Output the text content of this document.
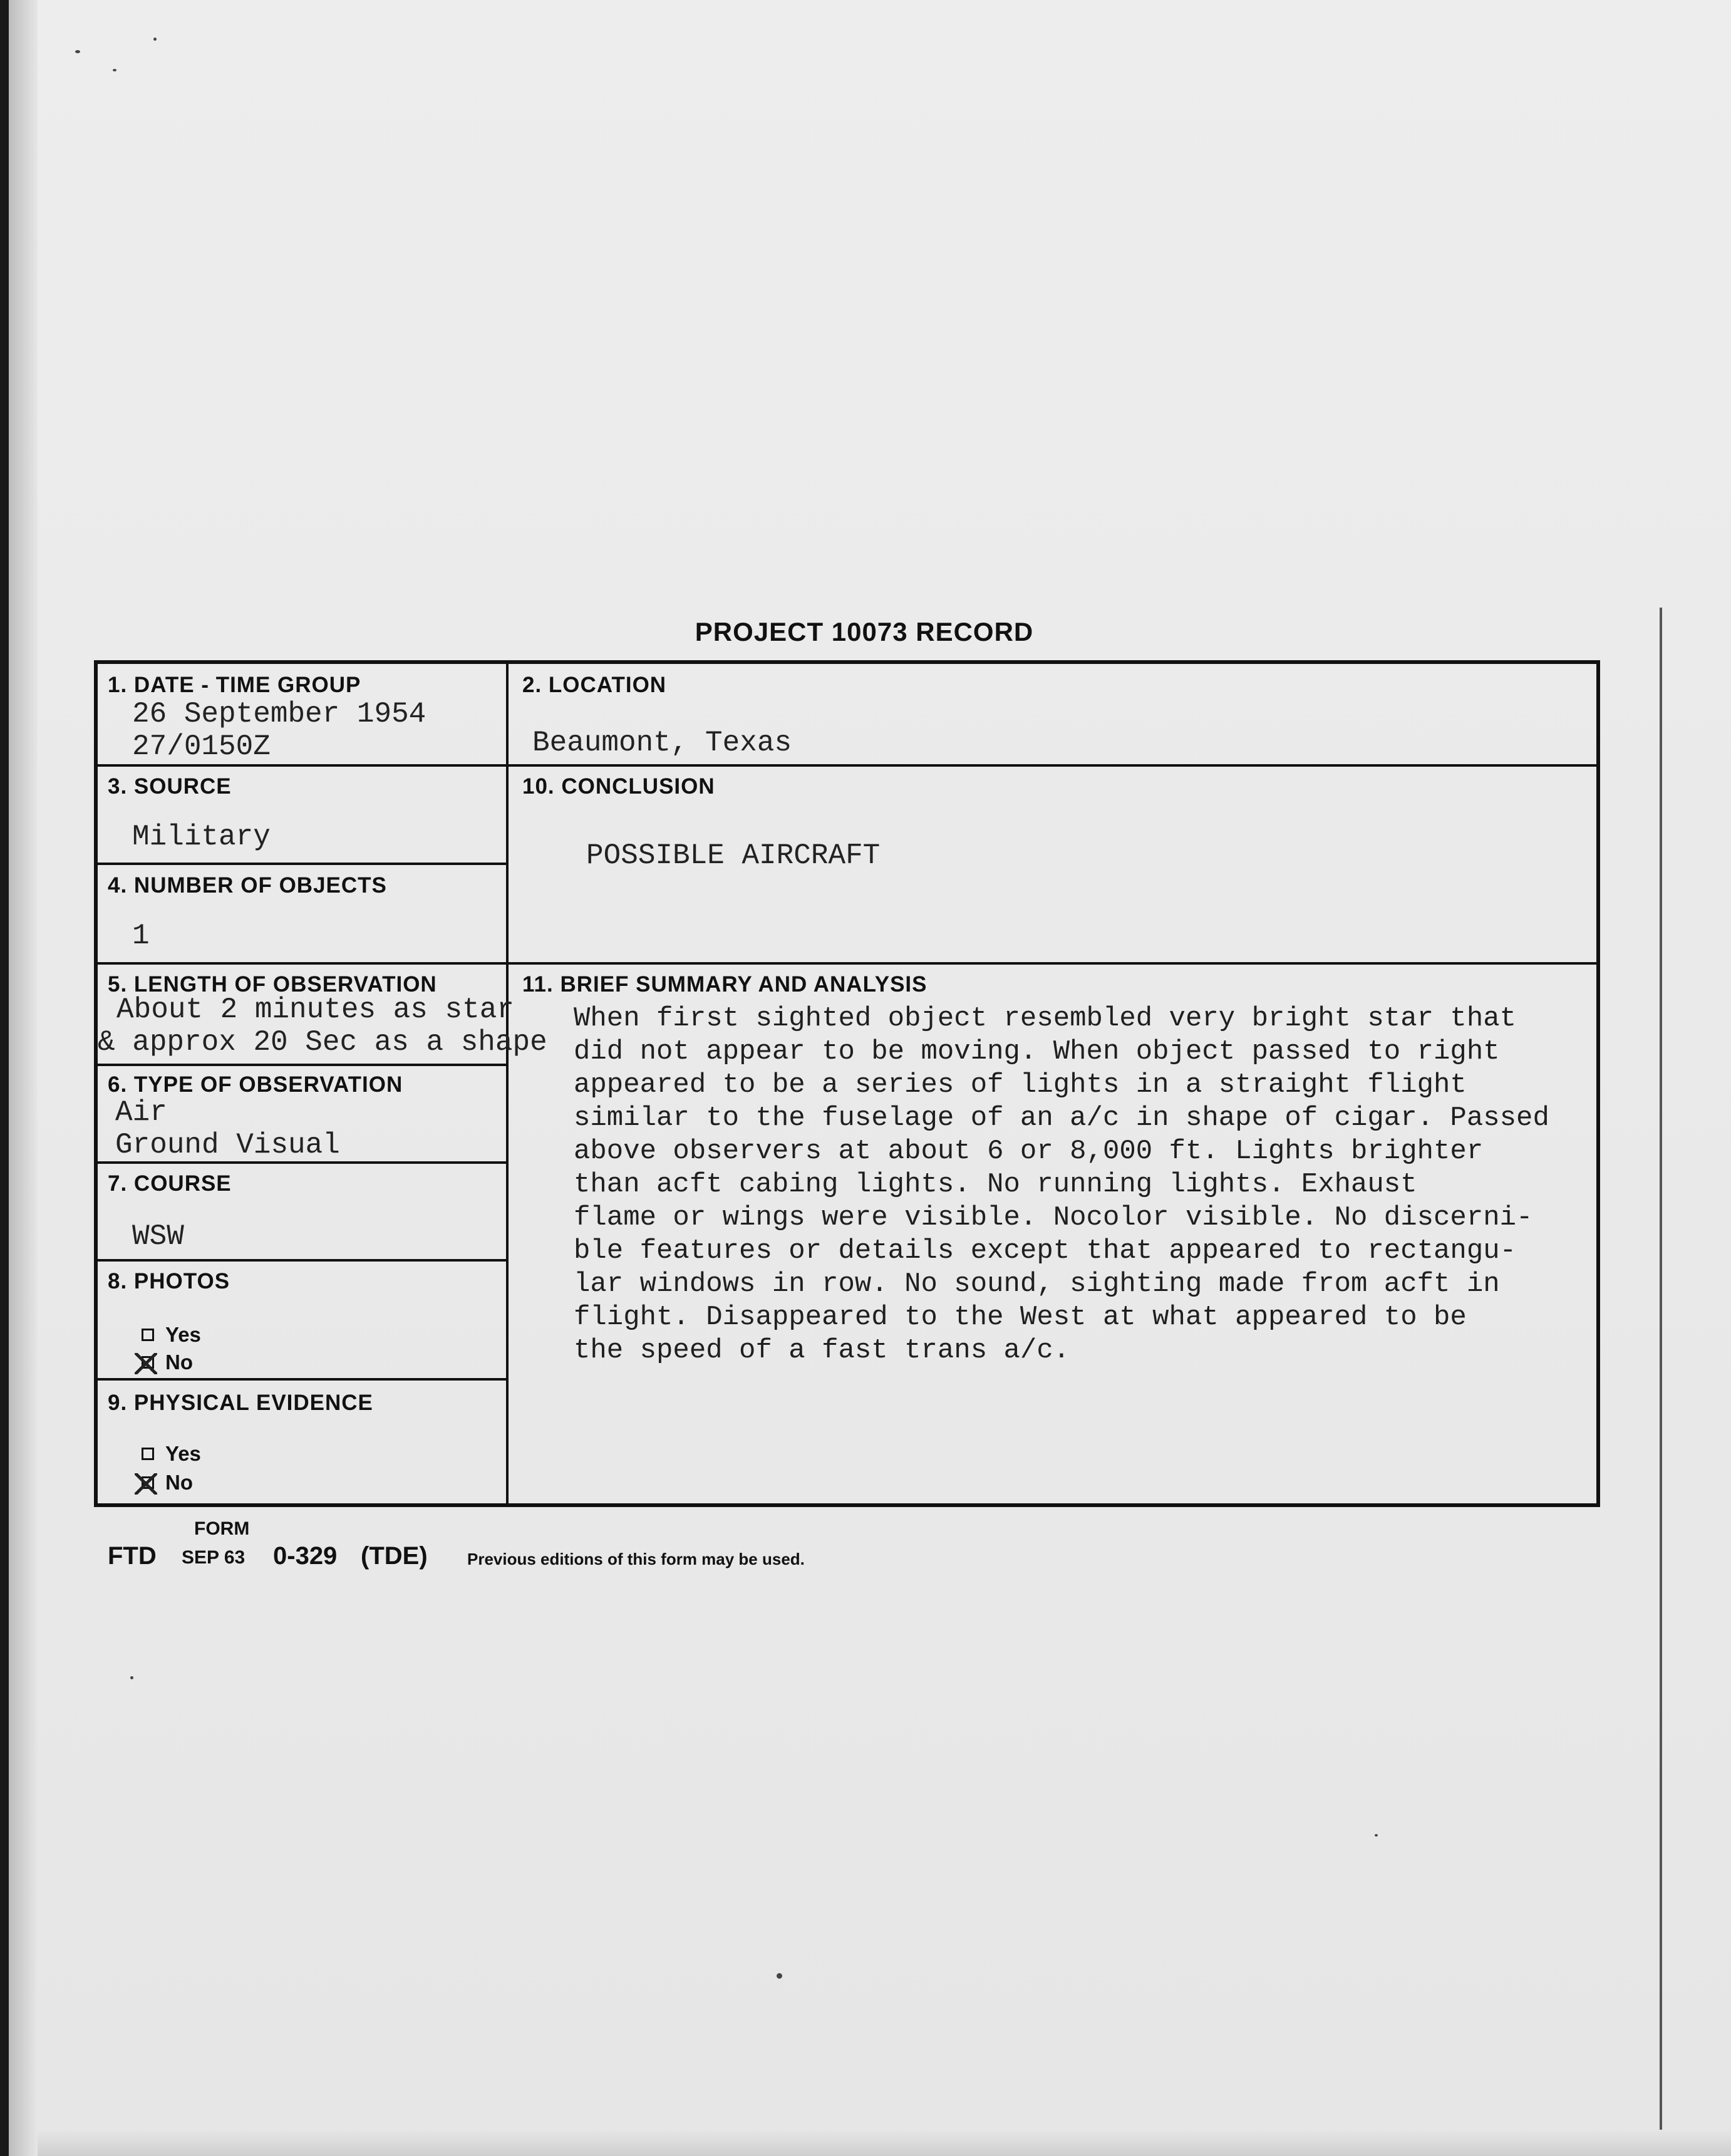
PROJECT 10073 RECORD
1. DATE - TIME GROUP
26 September 1954
27/0150Z
2. LOCATION
Beaumont, Texas
3. SOURCE
Military
10. CONCLUSION
POSSIBLE AIRCRAFT
4. NUMBER OF OBJECTS
1
5. LENGTH OF OBSERVATION
About 2 minutes as star
& approx 20 Sec as a shape
6. TYPE OF OBSERVATION
Air
Ground Visual
7. COURSE
WSW
8. PHOTOS
Yes
No
9. PHYSICAL EVIDENCE
Yes
No
11. BRIEF SUMMARY AND ANALYSIS
When first sighted object resembled very bright star that
did not appear to be moving. When object passed to right
appeared to be a series of lights in a straight flight
similar to the fuselage of an a/c in shape of cigar. Passed
above observers at about 6 or 8,000 ft. Lights brighter
than acft cabing lights. No running lights. Exhaust
flame or wings were visible. Nocolor visible. No discerni-
ble features or details except that appeared to rectangu-
lar windows in row. No sound, sighting made from acft in
flight. Disappeared to the West at what appeared to be
the speed of a fast trans a/c.
FORM
FTD SEP 63 0-329 (TDE) Previous editions of this form may be used.
